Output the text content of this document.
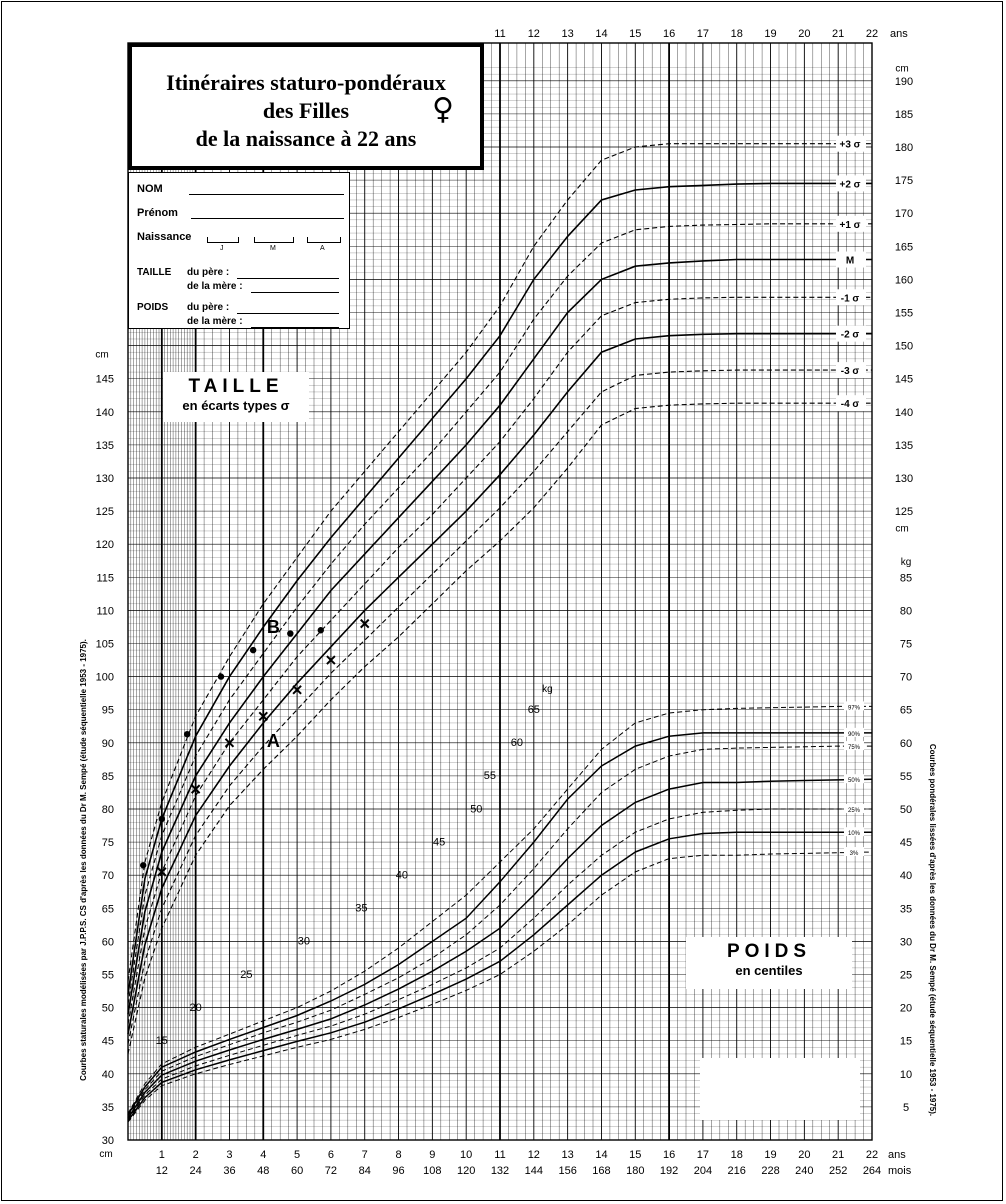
1
12
2
24
3
36
4
48
5
60
6
72
7
84
8
96
9
108
10
120
11
132
12
144
13
156
14
168
15
180
16
192
17
204
18
216
19
228
20
240
21
252
22
264
ans
mois
11 12 13 14 15 16 17 18 19 20 21 22 ans
30
35
40
45
50
55
60
65
70
75
80
85
90
95
100
105
110
115
120
125
130
135
140
145
cm
cm
125
130
135
140
145
150
155
160
165
170
175
180
185
190
cm
cm
5
10
15
20
25
30
35
40
45
50
55
60
65
70
75
80
85
kg
15
20
25
30
35
40
45
50
55
60
65
kg
+3 σ
+2 σ
+1 σ
M
-1 σ
-2 σ
-3 σ
-4 σ
97%
90%
75%
50%
25%
10%
3%
B
A
Courbes staturales modélisées par J.P.P.S. CS d'après les données du Dr M. Sempé (étude séquentielle 1953 - 1975).	Courbes pondérales lissées d'après les données du Dr M. Sempé (étude séquentielle 1953 - 1975).
Itinéraires staturo-pondéraux
des Filles
de la naissance à 22 ans
♀
NOM
Prénom
Naissance
J	M	A
TAILLE du père :
de la mère :
POIDS du père :
de la mère :
TAILLE
en écarts types σ
POIDS
en centiles
